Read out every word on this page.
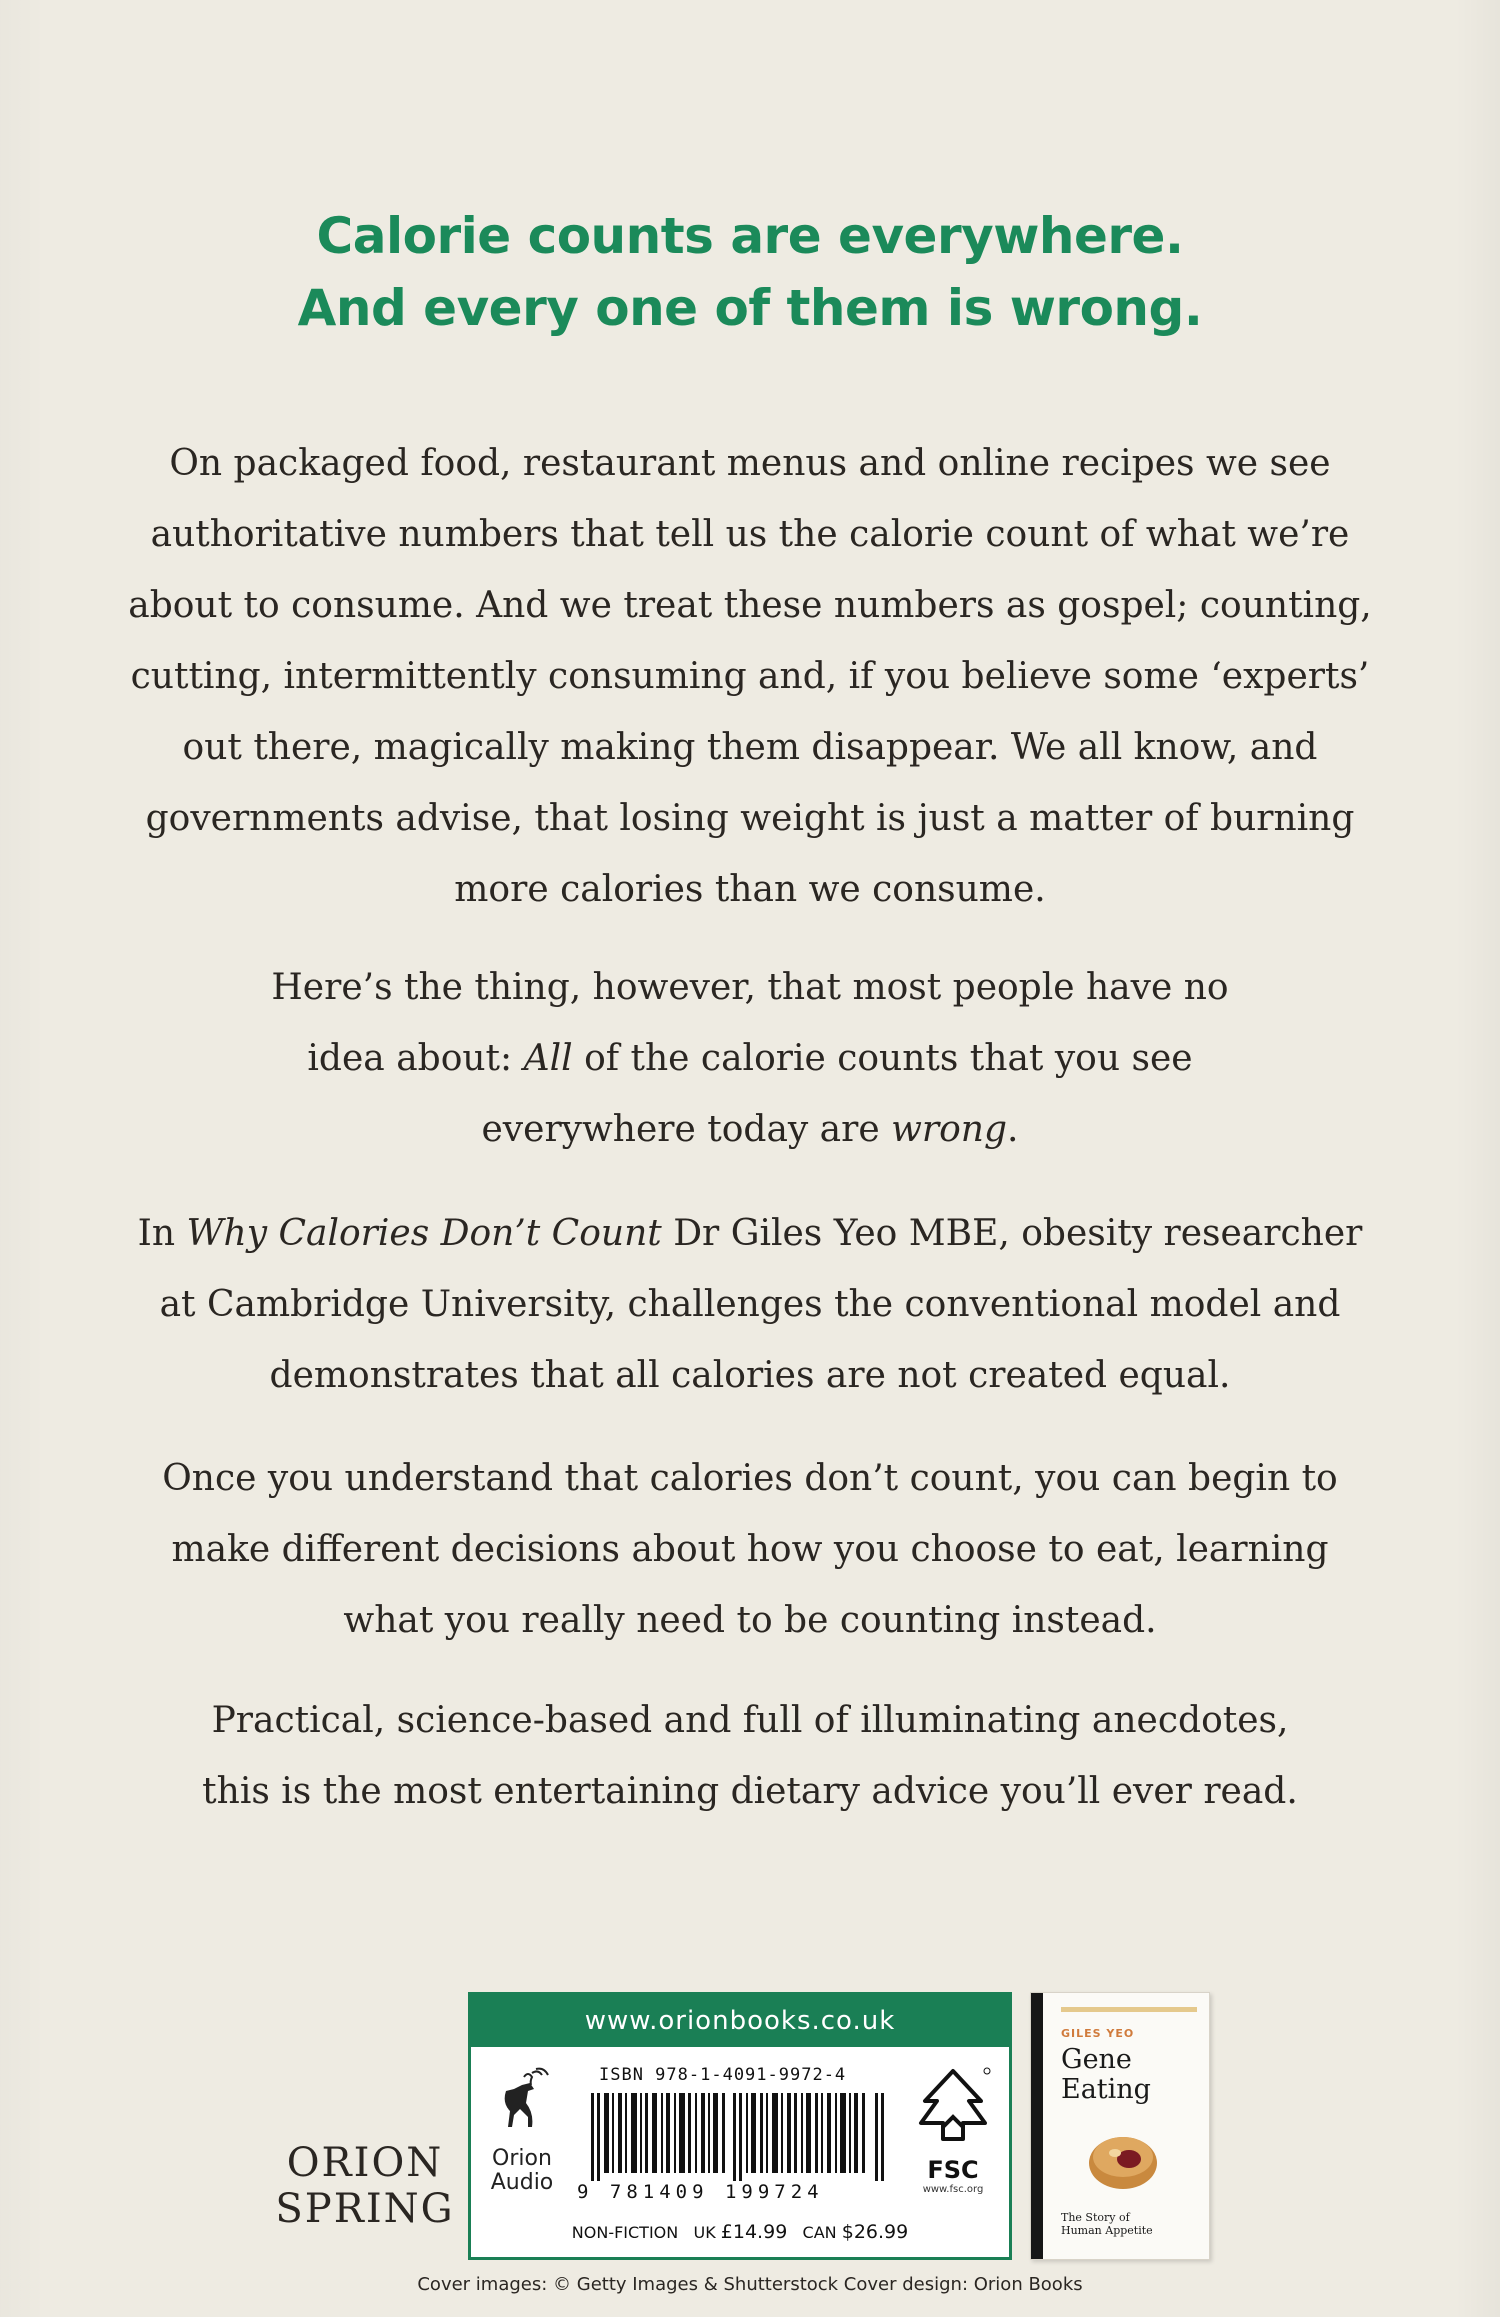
Calorie counts are everywhere.
And every one of them is wrong.
On packaged food, restaurant menus and online recipes we see
authoritative numbers that tell us the calorie count of what we’re
about to consume. And we treat these numbers as gospel; counting,
cutting, intermittently consuming and, if you believe some ‘experts’
out there, magically making them disappear. We all know, and
governments advise, that losing weight is just a matter of burning
more calories than we consume.
Here’s the thing, however, that most people have no
idea about: All of the calorie counts that you see
everywhere today are wrong.
In Why Calories Don’t Count Dr Giles Yeo MBE, obesity researcher
at Cambridge University, challenges the conventional model and
demonstrates that all calories are not created equal.
Once you understand that calories don’t count, you can begin to
make different decisions about how you choose to eat, learning
what you really need to be counting instead.
Practical, science-based and full of illuminating anecdotes,
this is the most entertaining dietary advice you’ll ever read.
ORION
SPRING
www.orionbooks.co.uk
Orion
Audio
ISBN 978-1-4091-9972-4
9 781409 199724
FSC
www.fsc.org
NON-FICTION UK £14.99 CAN $26.99
GILES YEO
Gene
Eating
The Story of
Human Appetite
Cover images: © Getty Images & Shutterstock Cover design: Orion Books
